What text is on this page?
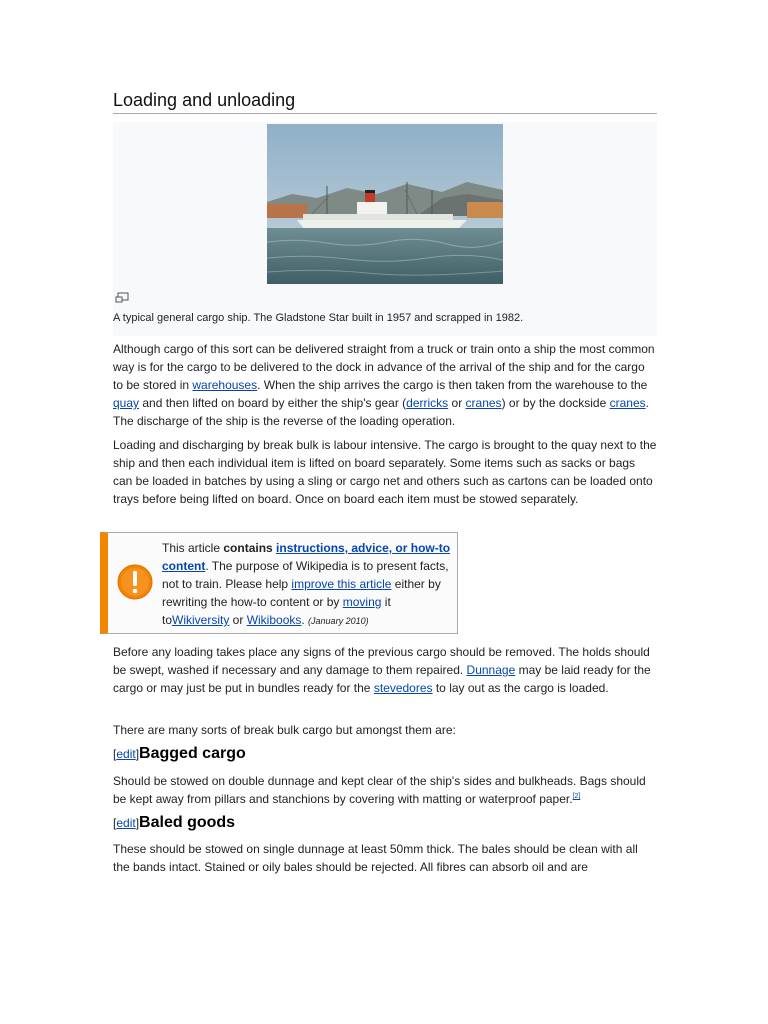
Loading and unloading
A typical general cargo ship. The Gladstone Star built in 1957 and scrapped in 1982.

Although cargo of this sort can be delivered straight from a truck or train onto a ship the most common way is for the cargo to be delivered to the dock in advance of the arrival of the ship and for the cargo to be stored in warehouses. When the ship arrives the cargo is then taken from the warehouse to the quay and then lifted on board by either the ship's gear (derricks or cranes) or by the dockside cranes. The discharge of the ship is the reverse of the loading operation.

Loading and discharging by break bulk is labour intensive. The cargo is brought to the quay next to the ship and then each individual item is lifted on board separately. Some items such as sacks or bags can be loaded in batches by using a sling or cargo net and others such as cartons can be loaded onto trays before being lifted on board. Once on board each item must be stowed separately.

This article contains instructions, advice, or how-to content. The purpose of Wikipedia is to present facts, not to train. Please help improve this article either by rewriting the how-to content or by moving it toWikiversity or Wikibooks. (January 2010)

Before any loading takes place any signs of the previous cargo should be removed. The holds should be swept, washed if necessary and any damage to them repaired. Dunnage may be laid ready for the cargo or may just be put in bundles ready for the stevedores to lay out as the cargo is loaded.

There are many sorts of break bulk cargo but amongst them are:

[edit]Bagged cargo

Should be stowed on double dunnage and kept clear of the ship's sides and bulkheads. Bags should be kept away from pillars and stanchions by covering with matting or waterproof paper.[2]

[edit]Baled goods

These should be stowed on single dunnage at least 50mm thick. The bales should be clean with all the bands intact. Stained or oily bales should be rejected. All fibres can absorb oil and are
